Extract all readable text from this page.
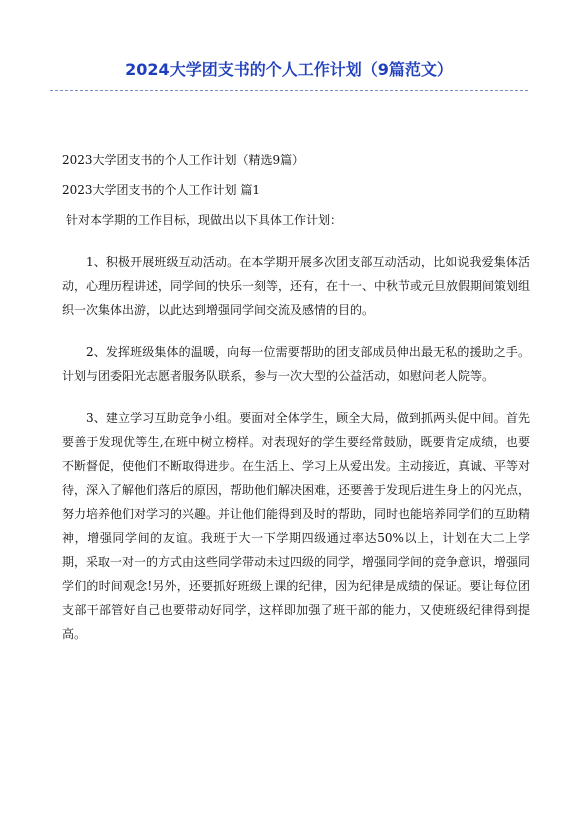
2024大学团支书的个人工作计划（9篇范文）

2023大学团支书的个人工作计划（精选9篇）

2023大学团支书的个人工作计划 篇1

针对本学期的工作目标，现做出以下具体工作计划：

1、积极开展班级互动活动。在本学期开展多次团支部互动活动，比如说我爱集体活动，心理历程讲述，同学间的快乐一刻等，还有，在十一、中秋节或元旦放假期间策划组织一次集体出游，以此达到增强同学间交流及感情的目的。

2、发挥班级集体的温暖，向每一位需要帮助的团支部成员伸出最无私的援助之手。计划与团委阳光志愿者服务队联系，参与一次大型的公益活动，如慰问老人院等。

3、建立学习互助竞争小组。要面对全体学生，顾全大局，做到抓两头促中间。首先要善于发现优等生,在班中树立榜样。对表现好的学生要经常鼓励，既要肯定成绩，也要不断督促，使他们不断取得进步。在生活上、学习上从爱出发。主动接近，真诚、平等对待，深入了解他们落后的原因，帮助他们解决困难，还要善于发现后进生身上的闪光点，努力培养他们对学习的兴趣。并让他们能得到及时的帮助，同时也能培养同学们的互助精神，增强同学间的友谊。我班于大一下学期四级通过率达50%以上，计划在大二上学期，采取一对一的方式由这些同学带动未过四级的同学，增强同学间的竞争意识，增强同学们的时间观念!另外，还要抓好班级上课的纪律，因为纪律是成绩的保证。要让每位团支部干部管好自己也要带动好同学，这样即加强了班干部的能力，又使班级纪律得到提高。
